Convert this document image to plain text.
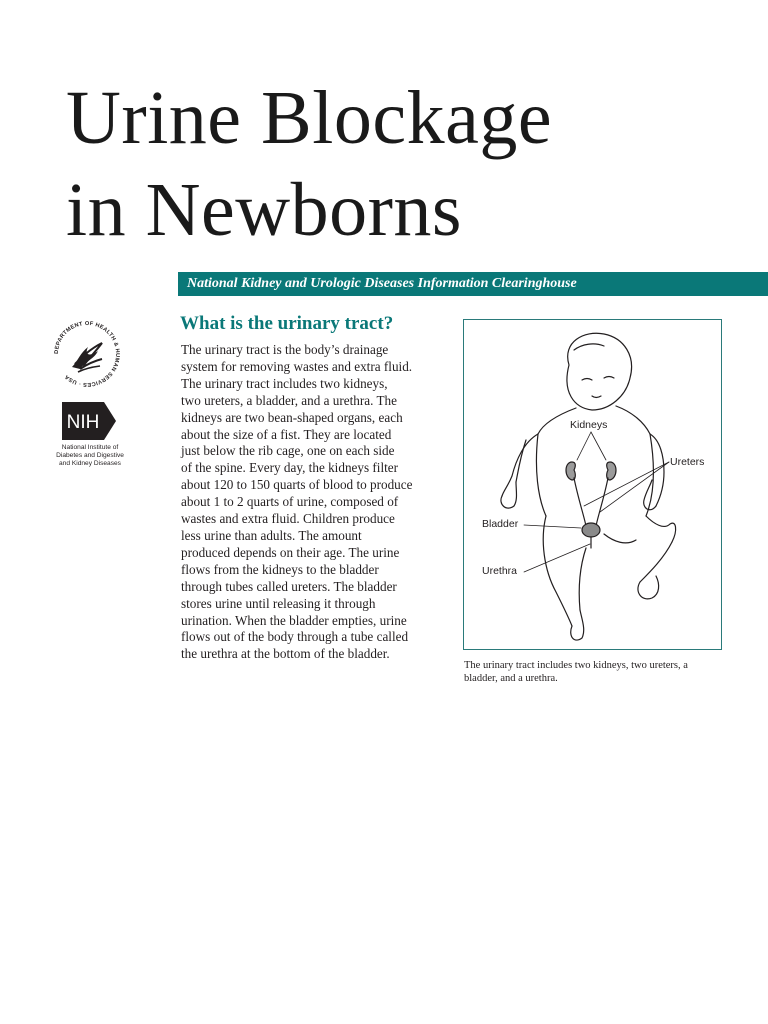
Urine Blockage
in Newborns
National Kidney and Urologic Diseases Information Clearinghouse
DEPARTMENT OF HEALTH & HUMAN SERVICES · USA
NIH
National Institute of
Diabetes and Digestive
and Kidney Diseases
What is the urinary tract?
The urinary tract is the body’s drainage
system for removing wastes and extra fluid.
The urinary tract includes two kidneys,
two ureters, a bladder, and a urethra. The
kidneys are two bean-shaped organs, each
about the size of a fist. They are located
just below the rib cage, one on each side
of the spine. Every day, the kidneys filter
about 120 to 150 quarts of blood to produce
about 1 to 2 quarts of urine, composed of
wastes and extra fluid. Children produce
less urine than adults. The amount
produced depends on their age. The urine
flows from the kidneys to the bladder
through tubes called ureters. The bladder
stores urine until releasing it through
urination. When the bladder empties, urine
flows out of the body through a tube called
the urethra at the bottom of the bladder.
Kidneys
Ureters
Bladder
Urethra
The urinary tract includes two kidneys, two ureters, a
bladder, and a urethra.
